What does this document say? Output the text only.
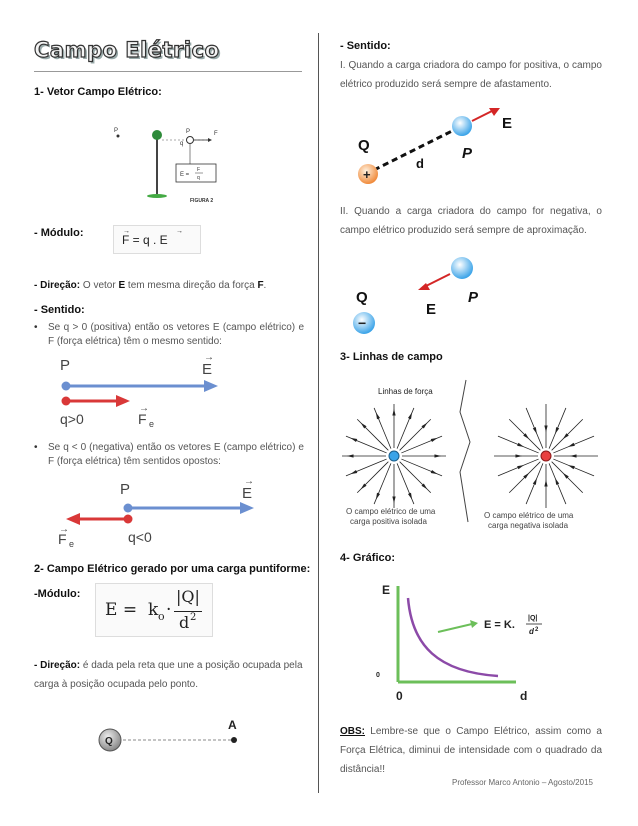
Campo Elétrico
1- Vetor Campo Elétrico:
P	P
q
F
E =
F
q
FIGURA 2
- Módulo:	F = q . E
→	→
- Direção: O vetor E tem mesma direção da força F.
- Sentido:
• Se q > 0 (positiva) então os vetores E (campo elétrico) e F (força elétrica) têm o mesmo sentido:
P	E
→
q>0	F e
→
• Se q < 0 (negativa) então os vetores E (campo elétrico) e F (força elétrica) têm sentidos opostos:
P	E
→
F e
→	q<0
2- Campo Elétrico gerado por uma carga puntiforme:
-Módulo:
E = k o ·
|Q|
d 2
- Direção: é dada pela reta que une a posição ocupada pela carga à posição ocupada pelo ponto.
Q
A
- Sentido:
I. Quando a carga criadora do campo for positiva, o campo elétrico produzido será sempre de afastamento.
Q
+
d
P
E
II. Quando a carga criadora do campo for negativa, o campo elétrico produzido será sempre de aproximação.
Q
−
E
P
3- Linhas de campo
Linhas de força
O campo elétrico de uma
carga positiva isolada
O campo elétrico de uma
carga negativa isolada
4- Gráfico:
E
0
0	d
E = K.
|Q|
d 2
OBS: Lembre-se que o Campo Elétrico, assim como a Força Elétrica, diminui de intensidade com o quadrado da distância!!
Professor Marco Antonio – Agosto/2015
